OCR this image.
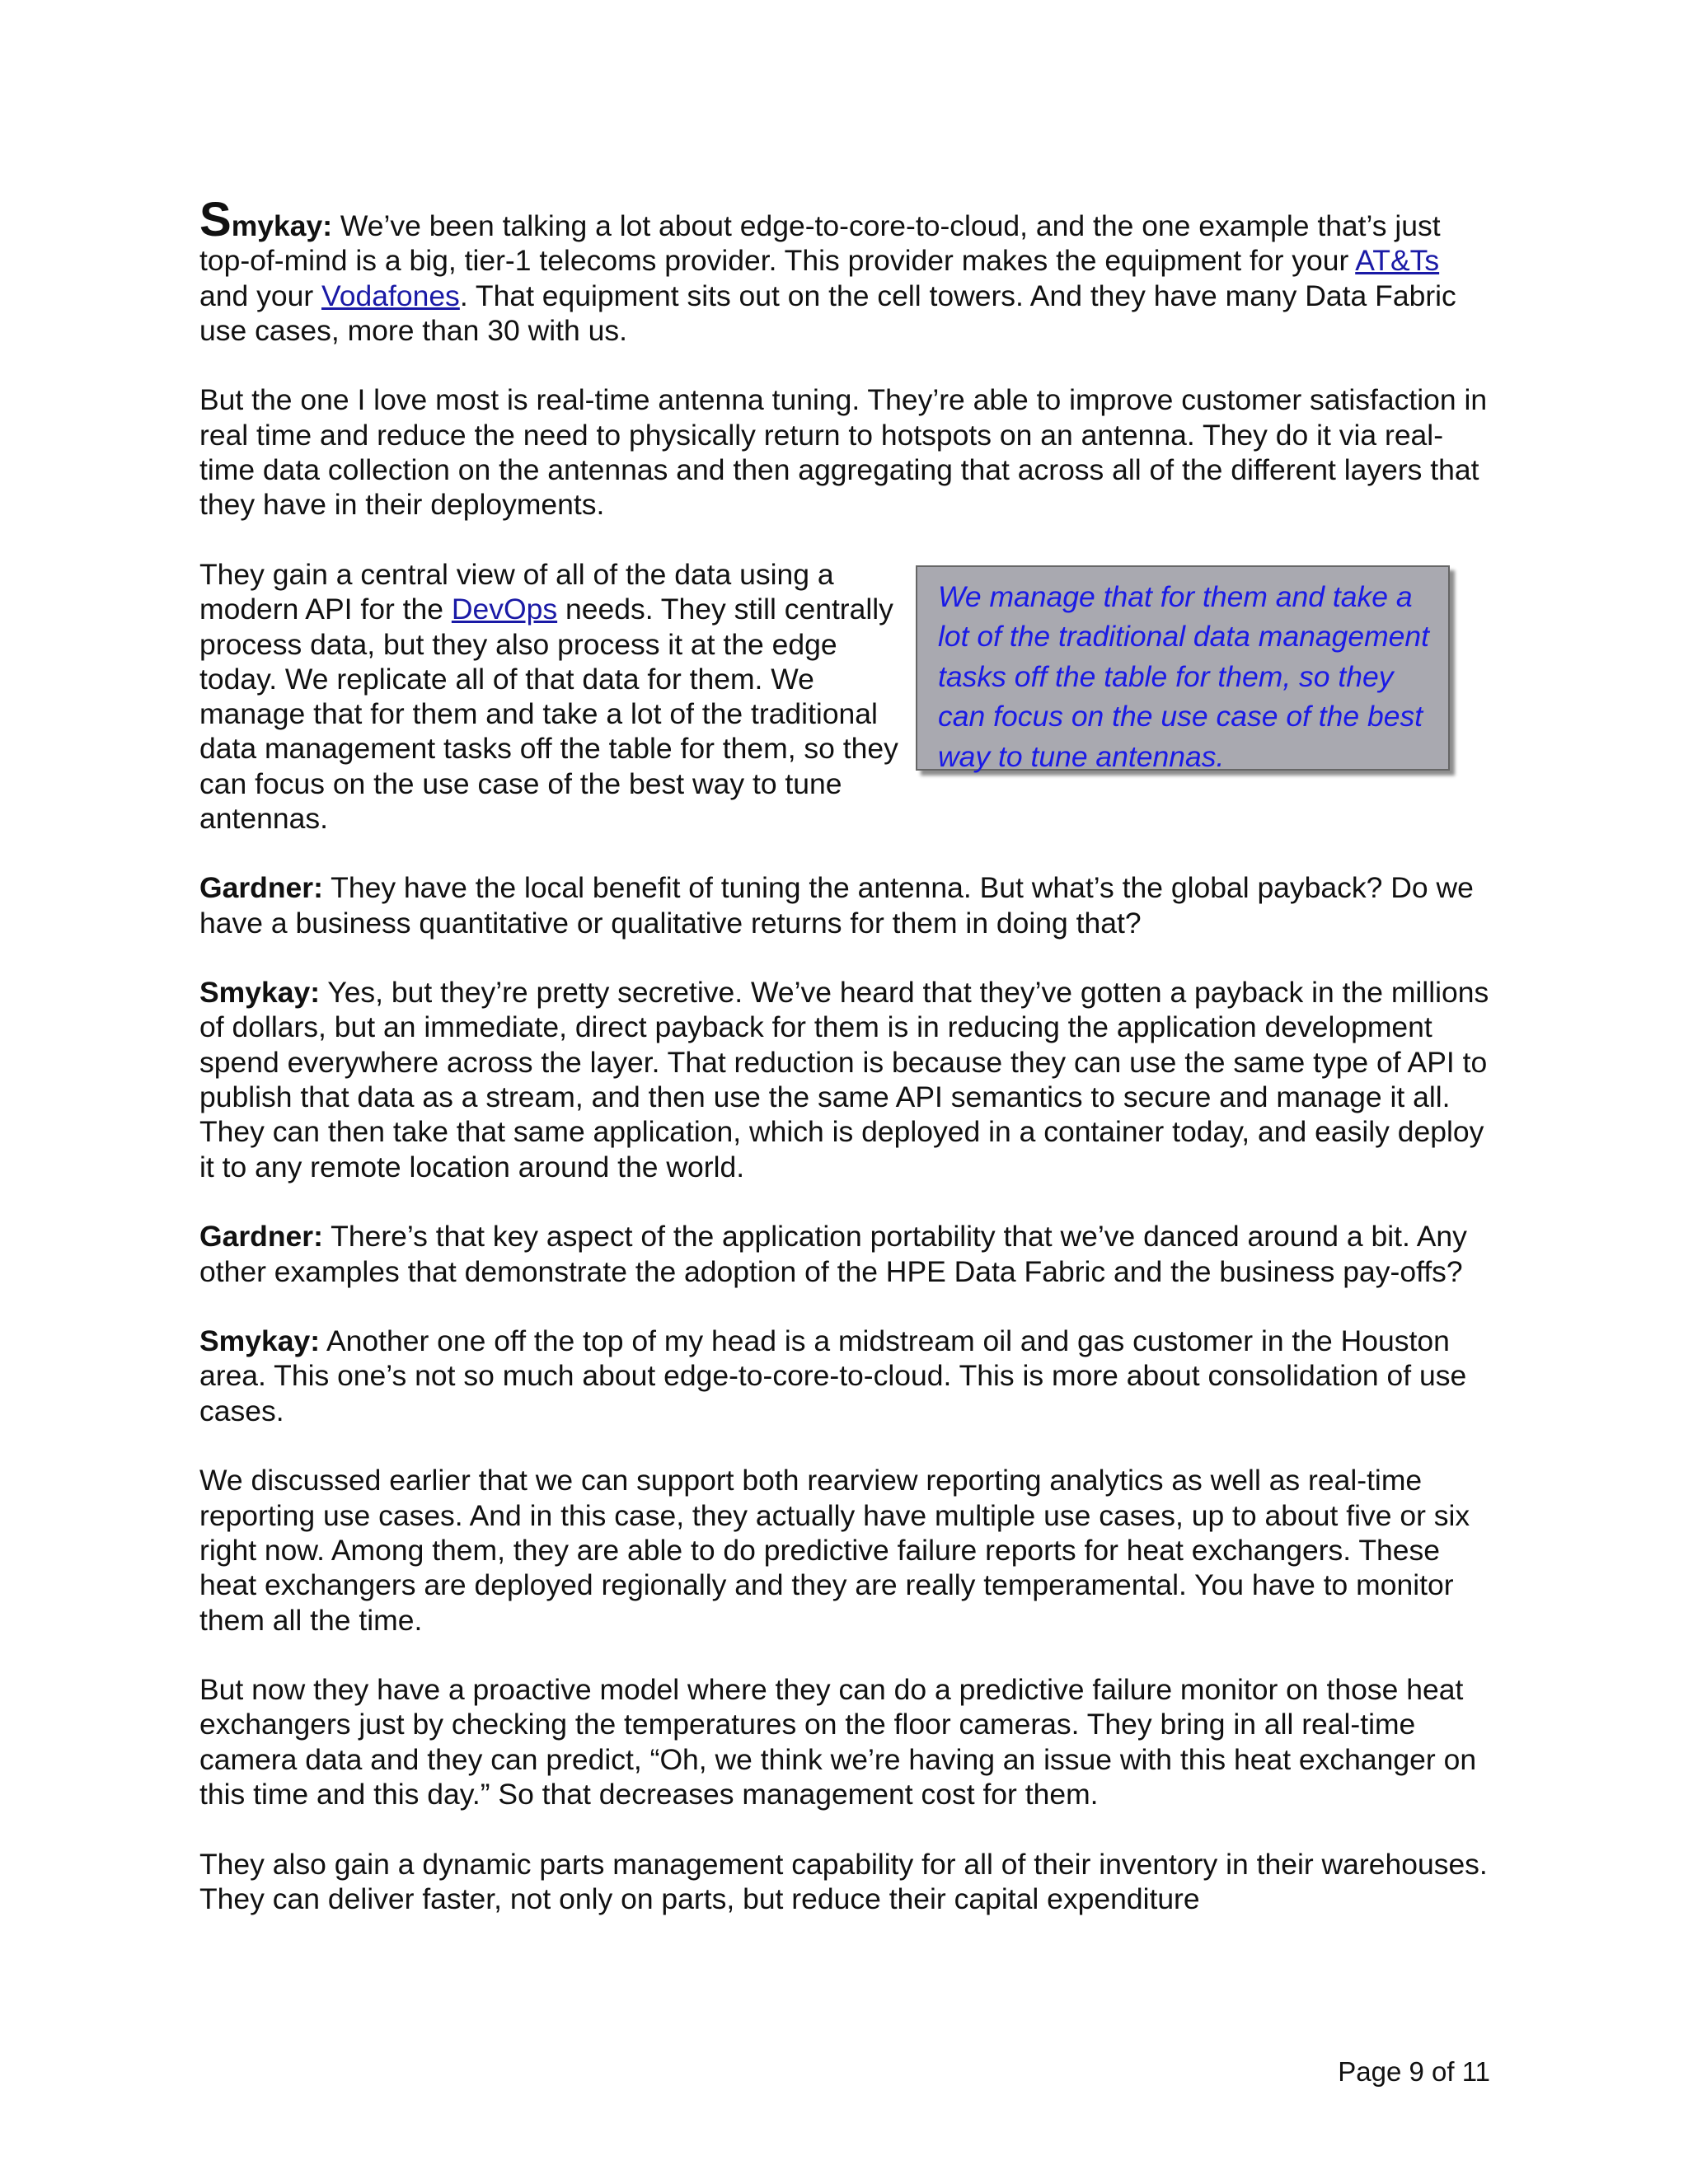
Smykay: We’ve been talking a lot about edge-to-core-to-cloud, and the one example that’s just top-of-mind is a big, tier-1 telecoms provider. This provider makes the equipment for your AT&Ts and your Vodafones. That equipment sits out on the cell towers. And they have many Data Fabric use cases, more than 30 with us.

But the one I love most is real-time antenna tuning. They’re able to improve customer satisfaction in real time and reduce the need to physically return to hotspots on an antenna. They do it via real-time data collection on the antennas and then aggregating that across all of the different layers that they have in their deployments.

They gain a central view of all of the data using a modern API for the DevOps needs. They still centrally process data, but they also process it at the edge today. We replicate all of that data for them. We manage that for them and take a lot of the traditional data management tasks off the table for them, so they can focus on the use case of the best way to tune antennas.
We manage that for them and take a lot of the traditional data management tasks off the table for them, so they can focus on the use case of the best way to tune antennas.

Gardner: They have the local benefit of tuning the antenna. But what’s the global payback? Do we have a business quantitative or qualitative returns for them in doing that?

Smykay: Yes, but they’re pretty secretive. We’ve heard that they’ve gotten a payback in the millions of dollars, but an immediate, direct payback for them is in reducing the application development spend everywhere across the layer. That reduction is because they can use the same type of API to publish that data as a stream, and then use the same API semantics to secure and manage it all. They can then take that same application, which is deployed in a container today, and easily deploy it to any remote location around the world.

Gardner: There’s that key aspect of the application portability that we’ve danced around a bit. Any other examples that demonstrate the adoption of the HPE Data Fabric and the business pay-offs?

Smykay: Another one off the top of my head is a midstream oil and gas customer in the Houston area. This one’s not so much about edge-to-core-to-cloud. This is more about consolidation of use cases.

We discussed earlier that we can support both rearview reporting analytics as well as real-time reporting use cases. And in this case, they actually have multiple use cases, up to about five or six right now. Among them, they are able to do predictive failure reports for heat exchangers. These heat exchangers are deployed regionally and they are really temperamental. You have to monitor them all the time.

But now they have a proactive model where they can do a predictive failure monitor on those heat exchangers just by checking the temperatures on the floor cameras. They bring in all real-time camera data and they can predict, “Oh, we think we’re having an issue with this heat exchanger on this time and this day.” So that decreases management cost for them.

They also gain a dynamic parts management capability for all of their inventory in their warehouses. They can deliver faster, not only on parts, but reduce their capital expenditure

Page 9 of 11
